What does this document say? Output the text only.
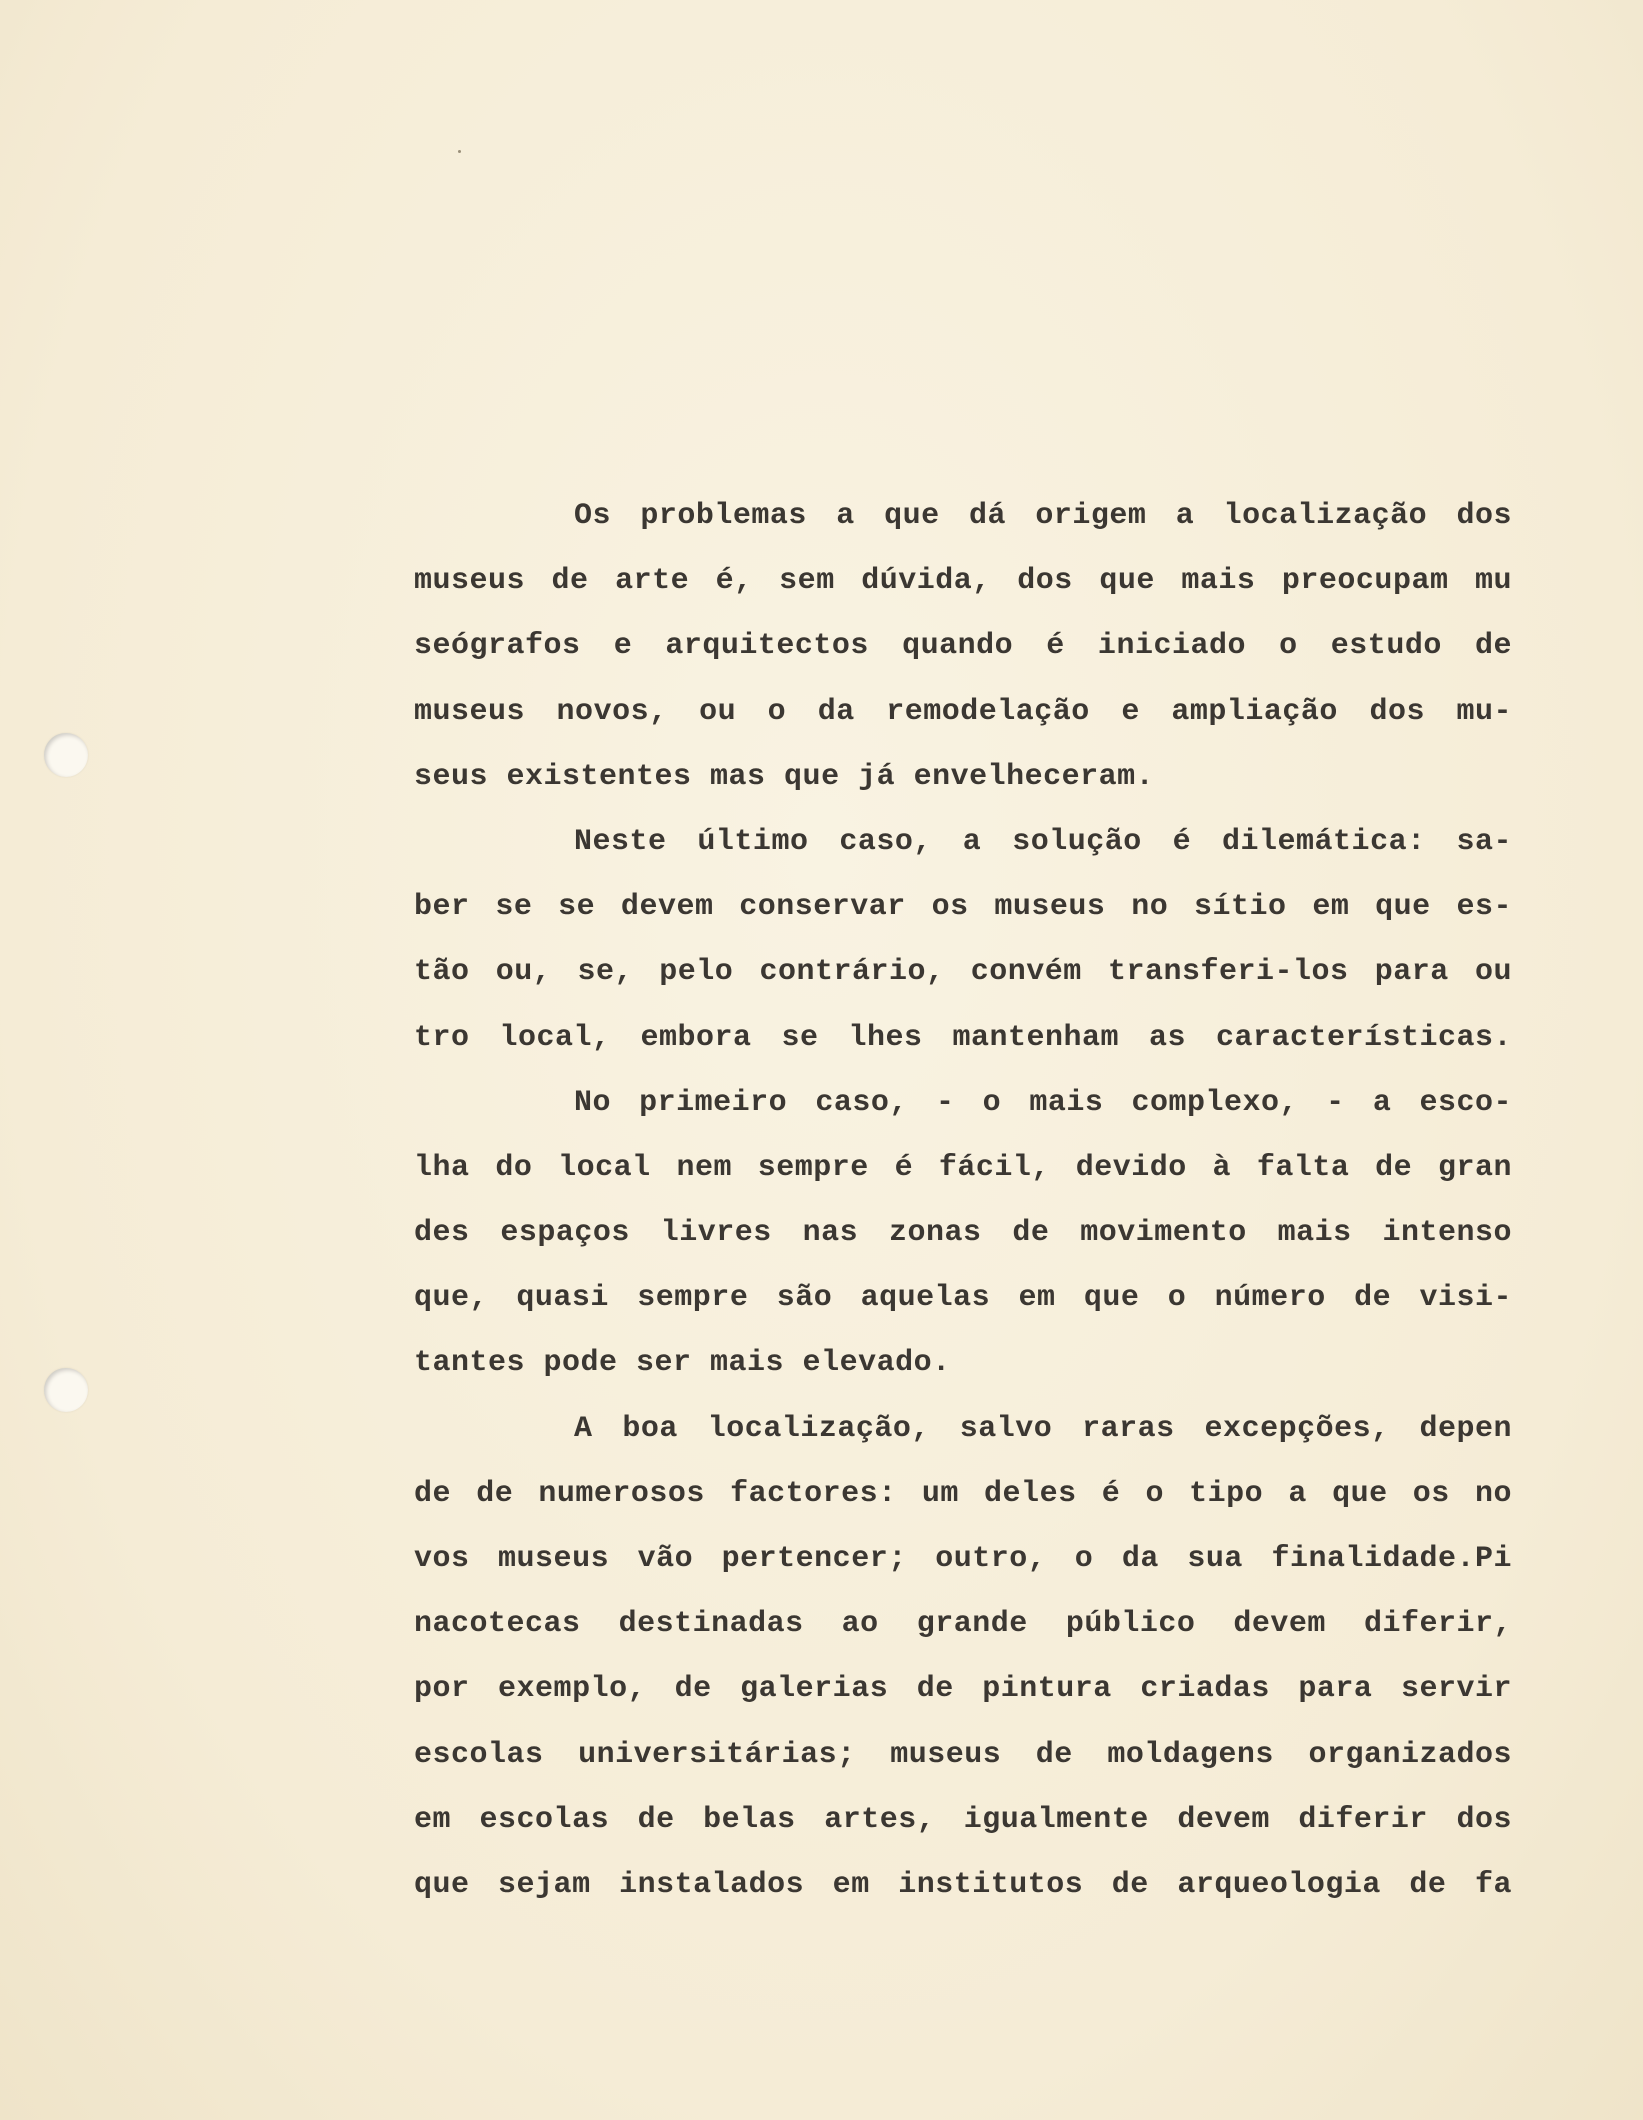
Os problemas a que dá origem a localização dos
museus de arte é, sem dúvida, dos que mais preocupam mu
seógrafos e arquitectos quando é iniciado o estudo de
museus novos, ou o da remodelação e ampliação dos mu-
seus existentes mas que já envelheceram.
Neste último caso, a solução é dilemática: sa-
ber se se devem conservar os museus no sítio em que es-
tão ou, se, pelo contrário, convém transferi-los para ou
tro local, embora se lhes mantenham as características.
No primeiro caso, - o mais complexo, - a esco-
lha do local nem sempre é fácil, devido à falta de gran
des espaços livres nas zonas de movimento mais intenso
que, quasi sempre são aquelas em que o número de visi-
tantes pode ser mais elevado.
A boa localização, salvo raras excepções, depen
de de numerosos factores: um deles é o tipo a que os no
vos museus vão pertencer; outro, o da sua finalidade.Pi
nacotecas destinadas ao grande público devem diferir,
por exemplo, de galerias de pintura criadas para servir
escolas universitárias; museus de moldagens organizados
em escolas de belas artes, igualmente devem diferir dos
que sejam instalados em institutos de arqueologia de fa
